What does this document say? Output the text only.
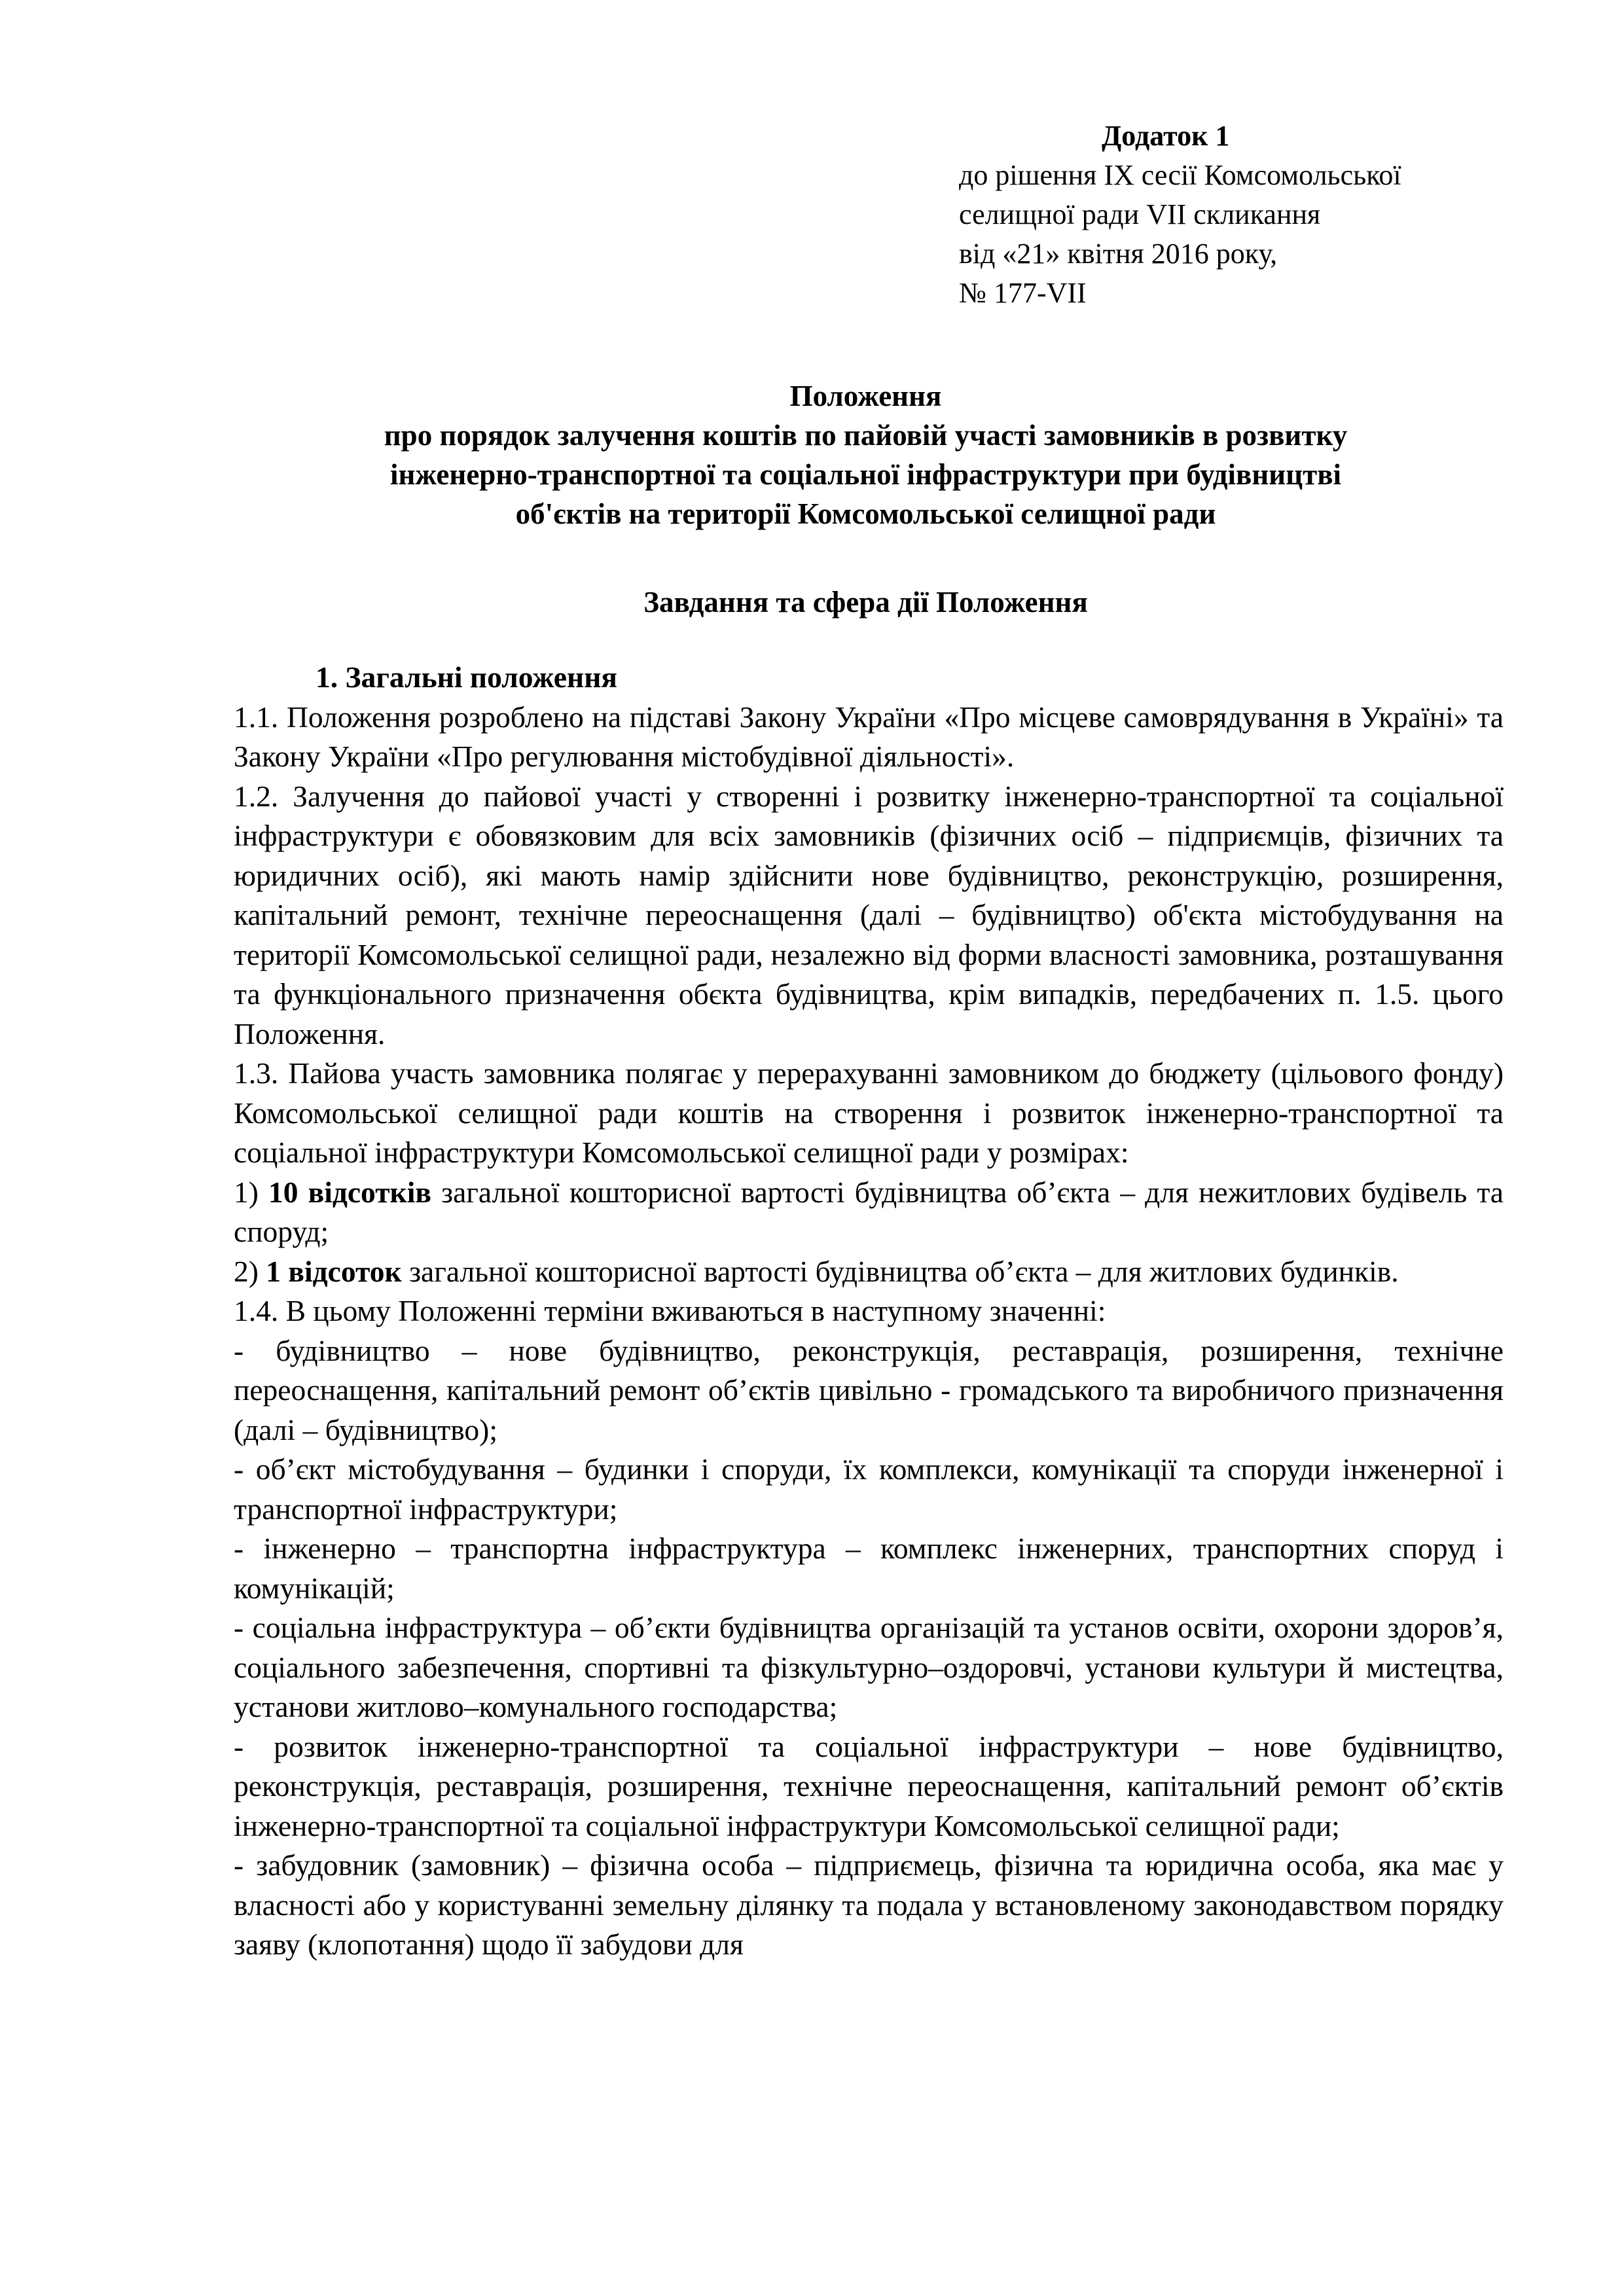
Додаток 1
до рішення ІХ сесії Комсомольської
селищної ради VII скликання
від «21» квітня 2016 року,
№ 177-VII
Положення
про порядок залучення коштів по пайовій участі замовників в розвитку
інженерно-транспортної та соціальної інфраструктури при будівництві
об'єктів на території Комсомольської селищної ради
Завдання та сфера дії Положення

1. Загальні положення

1.1. Положення розроблено на підставі Закону України «Про місцеве самоврядування в Україні» та Закону України «Про регулювання містобудівної діяльності».

1.2. Залучення до пайової участі у створенні і розвитку інженерно-транспортної та соціальної інфраструктури є обовязковим для всіх замовників (фізичних осіб – підприємців, фізичних та юридичних осіб), які мають намір здійснити нове будівництво, реконструкцію, розширення, капітальний ремонт, технічне переоснащення (далі – будівництво) об'єкта містобудування на території Комсомольської селищної ради, незалежно від форми власності замовника, розташування та функціонального призначення обєкта будівництва, крім випадків, передбачених п. 1.5. цього Положення.

1.3. Пайова участь замовника полягає у перерахуванні замовником до бюджету (цільового фонду) Комсомольської селищної ради коштів на створення і розвиток інженерно-транспортної та соціальної інфраструктури Комсомольської селищної ради у розмірах:

1) 10 відсотків загальної кошторисної вартості будівництва об’єкта – для нежитлових будівель та споруд;

2) 1 відсоток загальної кошторисної вартості будівництва об’єкта – для житлових будинків.

1.4. В цьому Положенні терміни вживаються в наступному значенні:

- будівництво – нове будівництво, реконструкція, реставрація, розширення, технічне переоснащення, капітальний ремонт об’єктів цивільно - громадського та виробничого призначення (далі – будівництво);

- об’єкт містобудування – будинки і споруди, їх комплекси, комунікації та споруди інженерної і транспортної інфраструктури;

- інженерно – транспортна інфраструктура – комплекс інженерних, транспортних споруд і комунікацій;

- соціальна інфраструктура – об’єкти будівництва організацій та установ освіти, охорони здоров’я, соціального забезпечення, спортивні та фізкультурно–оздоровчі, установи культури й мистецтва, установи житлово–комунального господарства;

- розвиток інженерно-транспортної та соціальної інфраструктури – нове будівництво, реконструкція, реставрація, розширення, технічне переоснащення, капітальний ремонт об’єктів інженерно-транспортної та соціальної інфраструктури Комсомольської селищної ради;

- забудовник (замовник) – фізична особа – підприємець, фізична та юридична особа, яка має у власності або у користуванні земельну ділянку та подала у встановленому законодавством порядку заяву (клопотання) щодо її забудови для
